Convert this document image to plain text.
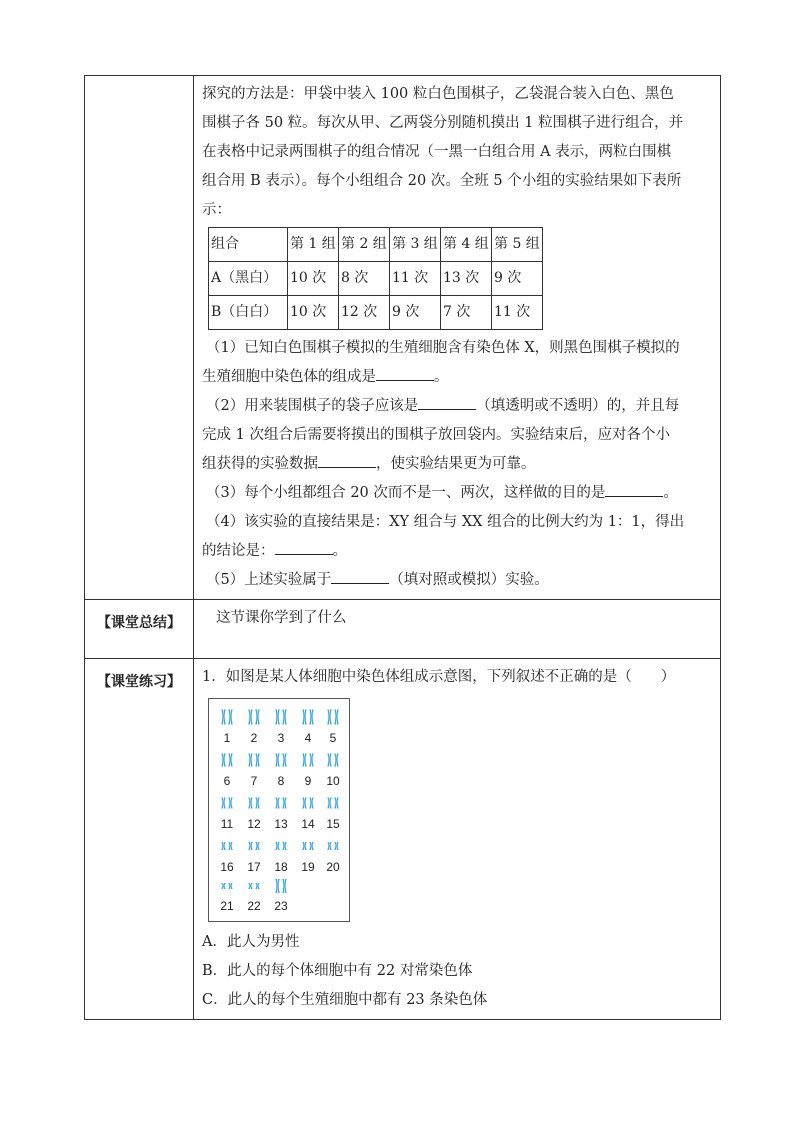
探究的方法是：甲袋中装入 100 粒白色围棋子，乙袋混合装入白色、黑色

围棋子各 50 粒。每次从甲、乙两袋分别随机摸出 1 粒围棋子进行组合，并

在表格中记录两围棋子的组合情况（一黑一白组合用 A 表示，两粒白围棋

组合用 B 表示）。每个小组组合 20 次。全班 5 个小组的实验结果如下表所

示：

组合	第 1 组	第 2 组	第 3 组	第 4 组	第 5 组
A（黑白）	10 次	8 次	11 次	13 次	9 次
B（白白）	10 次	12 次	9 次	7 次	11 次

（1）已知白色围棋子模拟的生殖细胞含有染色体 X，则黑色围棋子模拟的

生殖细胞中染色体的组成是	。

（2）用来装围棋子的袋子应该是	（填透明或不透明）的，并且每

完成 1 次组合后需要将摸出的围棋子放回袋内。实验结束后，应对各个小

组获得的实验数据	，使实验结果更为可靠。

（3）每个小组都组合 20 次而不是一、两次，这样做的目的是	。

（4）该实验的直接结果是：XY 组合与 XX 组合的比例大约为 1：1，得出

的结论是：	。

（5）上述实验属于	（填对照或模拟）实验。

【课堂总结】	这节课你学到了什么

【课堂练习】	1．如图是某人体细胞中染色体组成示意图，下列叙述不正确的是（　　）

1 2 3 4 5
6 7 8 9 10
11 12 13 14 15
16 17 18 19 20
21 22 23

A．此人为男性

B．此人的每个体细胞中有 22 对常染色体

C．此人的每个生殖细胞中都有 23 条染色体
